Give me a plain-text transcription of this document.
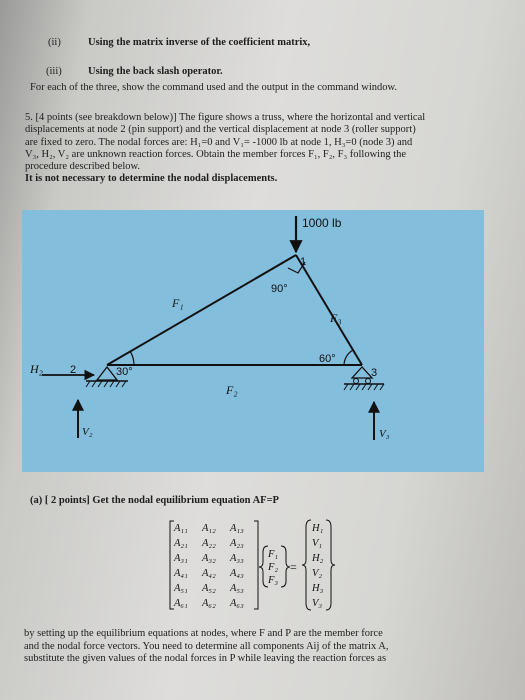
(ii)	Using the matrix inverse of the coefficient matrix,
(iii)	Using the back slash operator.
For each of the three, show the command used and the output in the command window.
5. [4 points (see breakdown below)] The figure shows a truss, where the horizontal and vertical
displacements at node 2 (pin support) and the vertical displacement at node 3 (roller support)
are fixed to zero. The nodal forces are: H₁=0 and V₁= -1000 lb at node 1, H₃=0 (node 3) and
V₃, H₂, V₂ are unknown reaction forces. Obtain the member forces F₁, F₂, F₃ following the
procedure described below.
It is not necessary to determine the nodal displacements.
1000 lb
1
90°
F₁
F₃
60°
3
H₂ 2	30°
F₂
V₂	V₃
(a) [ 2 points] Get the nodal equilibrium equation AF=P
A₁₁ A₁₂ A₁₃
A₂₁ A₂₂ A₂₃
A₃₁ A₃₂ A₃₃
A₄₁ A₄₂ A₄₃
A₅₁ A₅₂ A₅₃
A₆₁ A₆₂ A₆₃
F₁
F₂
F₃
H₁
V₁
H₂
V₂
H₃
V₃
=
by setting up the equilibrium equations at nodes, where F and P are the member force
and the nodal force vectors. You need to determine all components Aij of the matrix A,
substitute the given values of the nodal forces in P while leaving the reaction forces as
